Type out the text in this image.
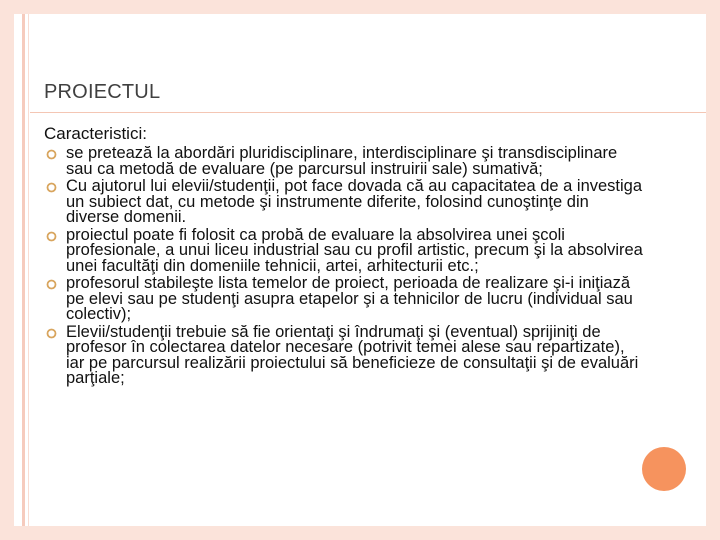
PROIECTUL
Caracteristici:
se pretează la abordări pluridisciplinare, interdisciplinare şi transdisciplinare sau ca metodă de evaluare (pe parcursul instruirii sale) sumativă;
Cu ajutorul lui elevii/studenţii, pot face dovada că au capacitatea de a investiga un subiect dat, cu metode şi instrumente diferite, folosind cunoştinţe din diverse domenii.
proiectul poate fi folosit ca probă de evaluare la absolvirea unei şcoli profesionale, a unui liceu industrial sau cu profil artistic, precum şi la absolvirea unei facultăţi din domeniile tehnicii, artei, arhitecturii etc.;
profesorul stabileşte lista temelor de proiect, perioada de realizare şi-i iniţiază pe elevi sau pe studenţi asupra etapelor şi a tehnicilor de lucru (individual sau colectiv);
Elevii/studenţii trebuie să fie orientaţi şi îndrumaţi şi (eventual) sprijiniţi de profesor în colectarea datelor necesare (potrivit temei alese sau repartizate), iar pe parcursul realizării proiectului să beneficieze de consultaţii şi de evaluări parţiale;
